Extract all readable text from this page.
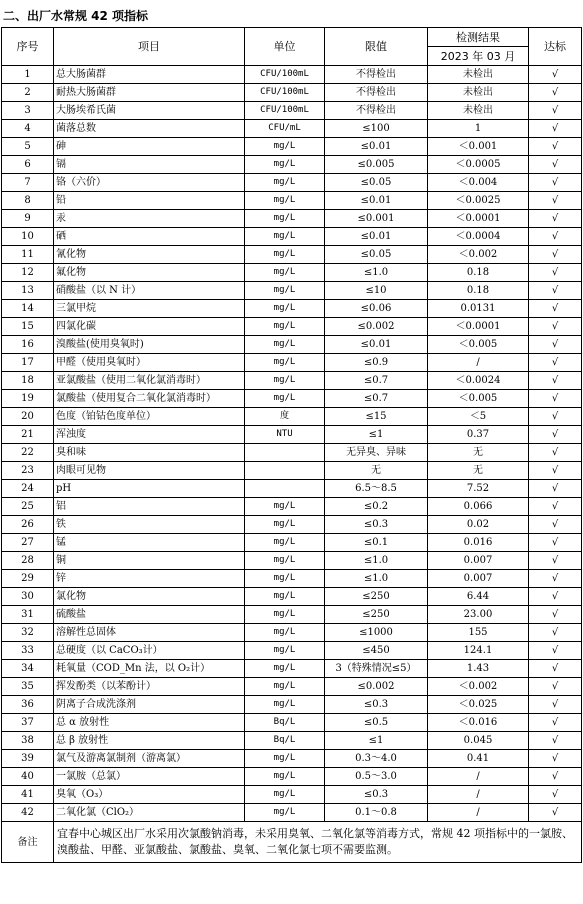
二、出厂水常规 42 项指标
序号	项目	单位	限值	检测结果	达标
				2023 年 03 月	
1	总大肠菌群	CFU/100mL	不得检出	未检出	√
2	耐热大肠菌群	CFU/100mL	不得检出	未检出	√
3	大肠埃希氏菌	CFU/100mL	不得检出	未检出	√
4	菌落总数	CFU/mL	≤100	1	√
5	砷	mg/L	≤0.01	＜0.001	√
6	镉	mg/L	≤0.005	＜0.0005	√
7	铬（六价）	mg/L	≤0.05	＜0.004	√
8	铅	mg/L	≤0.01	＜0.0025	√
9	汞	mg/L	≤0.001	＜0.0001	√
10	硒	mg/L	≤0.01	＜0.0004	√
11	氰化物	mg/L	≤0.05	＜0.002	√
12	氟化物	mg/L	≤1.0	0.18	√
13	硝酸盐（以 N 计）	mg/L	≤10	0.18	√
14	三氯甲烷	mg/L	≤0.06	0.0131	√
15	四氯化碳	mg/L	≤0.002	＜0.0001	√
16	溴酸盐(使用臭氧时)	mg/L	≤0.01	＜0.005	√
17	甲醛（使用臭氧时）	mg/L	≤0.9	/	√
18	亚氯酸盐（使用二氧化氯消毒时）	mg/L	≤0.7	＜0.0024	√
19	氯酸盐（使用复合二氧化氯消毒时）	mg/L	≤0.7	＜0.005	√
20	色度（铂钴色度单位）	度	≤15	＜5	√
21	浑浊度	NTU	≤1	0.37	√
22	臭和味		无异臭、异味	无	√
23	肉眼可见物		无	无	√
24	pH		6.5～8.5	7.52	√
25	铝	mg/L	≤0.2	0.066	√
26	铁	mg/L	≤0.3	0.02	√
27	锰	mg/L	≤0.1	0.016	√
28	铜	mg/L	≤1.0	0.007	√
29	锌	mg/L	≤1.0	0.007	√
30	氯化物	mg/L	≤250	6.44	√
31	硫酸盐	mg/L	≤250	23.00	√
32	溶解性总固体	mg/L	≤1000	155	√
33	总硬度（以 CaCO₃计）	mg/L	≤450	124.1	√
34	耗氧量（COD_Mn 法，以 O₂计）	mg/L	3（特殊情况≤5）	1.43	√
35	挥发酚类（以苯酚计）	mg/L	≤0.002	＜0.002	√
36	阴离子合成洗涤剂	mg/L	≤0.3	＜0.025	√
37	总 α 放射性	Bq/L	≤0.5	＜0.016	√
38	总 β 放射性	Bq/L	≤1	0.045	√
39	氯气及游离氯制剂（游离氯）	mg/L	0.3～4.0	0.41	√
40	一氯胺（总氯）	mg/L	0.5～3.0	/	√
41	臭氧（O₃）	mg/L	≤0.3	/	√
42	二氧化氯（ClO₂）	mg/L	0.1～0.8	/	√
备注	宜春中心城区出厂水采用次氯酸钠消毒，未采用臭氧、二氧化氯等消毒方式，常规 42 项指标中的一氯胺、溴酸盐、甲醛、亚氯酸盐、氯酸盐、臭氧、二氧化氯七项不需要监测。				
